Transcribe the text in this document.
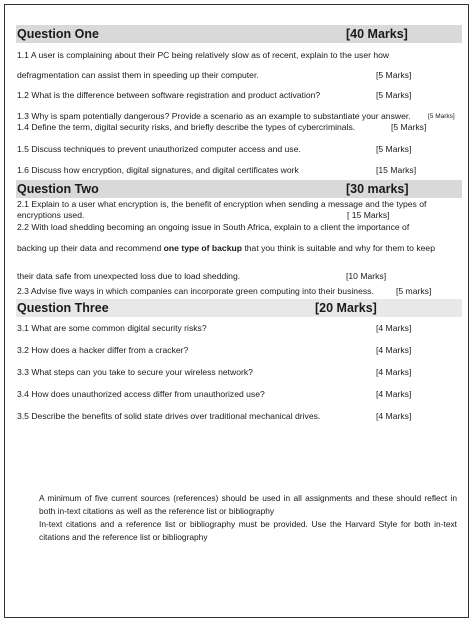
Question One	[40 Marks]
1.1 A user is complaining about their PC being relatively slow as of recent, explain to the user how
defragmentation can assist them in speeding up their computer.	[5 Marks]
1.2 What is the difference between software registration and product activation?	[5 Marks]
1.3 Why is spam potentially dangerous? Provide a scenario as an example to substantiate your answer.	[5 Marks]
1.4 Define the term, digital security risks, and briefly describe the types of cybercriminals.	[5 Marks]
1.5 Discuss techniques to prevent unauthorized computer access and use.	[5 Marks]
1.6 Discuss how encryption, digital signatures, and digital certificates work	[15 Marks]
Question Two	[30 marks]
2.1 Explain to a user what encryption is, the benefit of encryption when sending a message and the types of encryptions used.	[ 15 Marks]
2.2 With load shedding becoming an ongoing issue in South Africa, explain to a client the importance of
backing up their data and recommend one type of backup that you think is suitable and why for them to keep
their data safe from unexpected loss due to load shedding.	[10 Marks]
2.3 Advise five ways in which companies can incorporate green computing into their business.	[5 marks]
Question Three	[20 Marks]
3.1 What are some common digital security risks?	[4 Marks]
3.2 How does a hacker differ from a cracker?	[4 Marks]
3.3 What steps can you take to secure your wireless network?	[4 Marks]
3.4 How does unauthorized access differ from unauthorized use?	[4 Marks]
3.5 Describe the benefits of solid state drives over traditional mechanical drives.	[4 Marks]
A minimum of five current sources (references) should be used in all assignments and these should reflect in both in-text citations as well as the reference list or bibliography
In-text citations and a reference list or bibliography must be provided. Use the Harvard Style for both in-text citations and the reference list or bibliography
